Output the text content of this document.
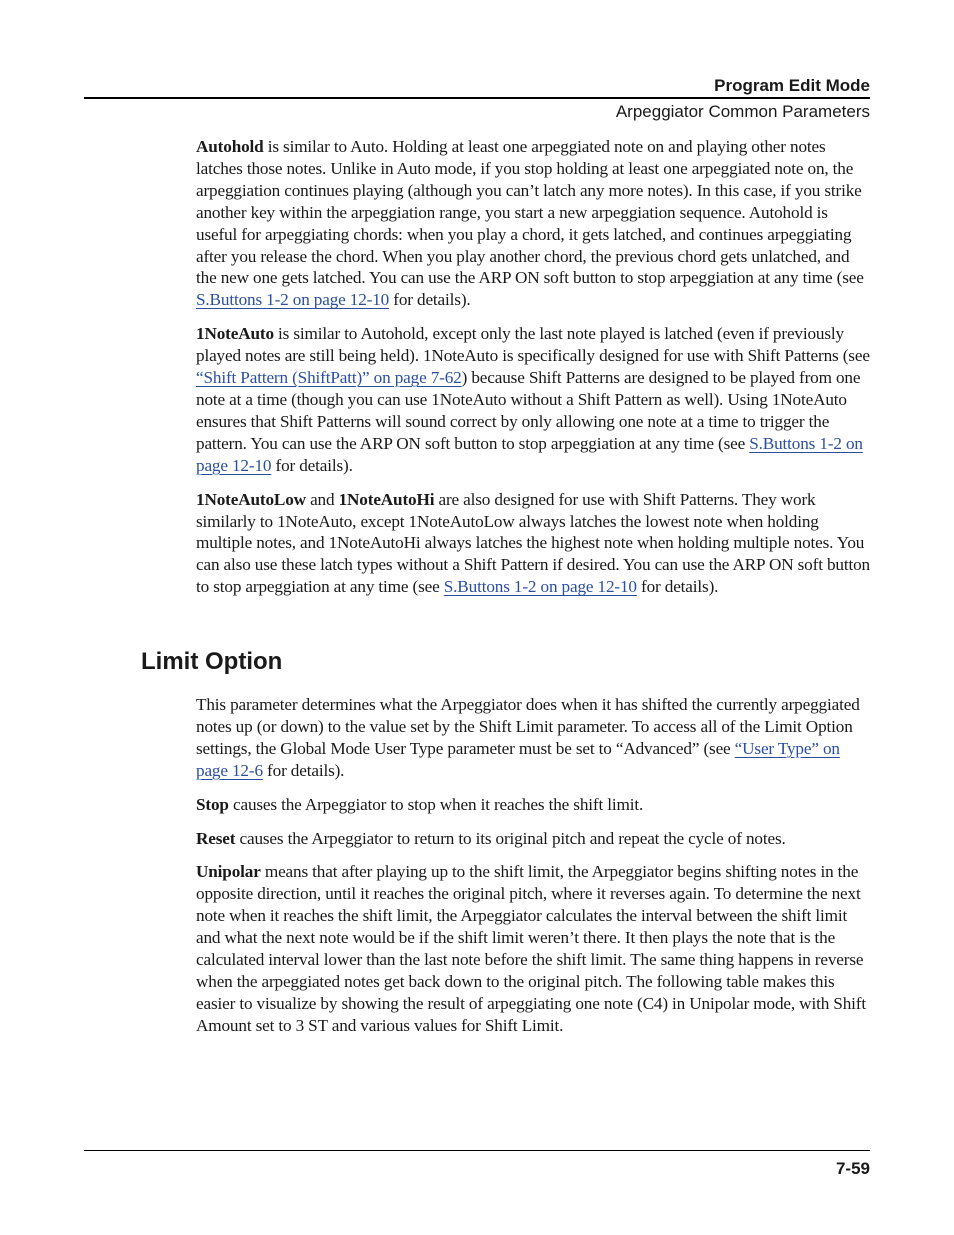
Program Edit Mode
Arpeggiator Common Parameters

Autohold is similar to Auto. Holding at least one arpeggiated note on and playing other notes latches those notes. Unlike in Auto mode, if you stop holding at least one arpeggiated note on, the arpeggiation continues playing (although you can’t latch any more notes). In this case, if you strike another key within the arpeggiation range, you start a new arpeggiation sequence. Autohold is useful for arpeggiating chords: when you play a chord, it gets latched, and continues arpeggiating after you release the chord. When you play another chord, the previous chord gets unlatched, and the new one gets latched. You can use the ARP ON soft button to stop arpeggiation at any time (see S.Buttons 1-2 on page 12-10 for details).

1NoteAuto is similar to Autohold, except only the last note played is latched (even if previously played notes are still being held). 1NoteAuto is specifically designed for use with Shift Patterns (see “Shift Pattern (ShiftPatt)” on page 7-62) because Shift Patterns are designed to be played from one note at a time (though you can use 1NoteAuto without a Shift Pattern as well). Using 1NoteAuto ensures that Shift Patterns will sound correct by only allowing one note at a time to trigger the pattern. You can use the ARP ON soft button to stop arpeggiation at any time (see S.Buttons 1-2 on page 12-10 for details).

1NoteAutoLow and 1NoteAutoHi are also designed for use with Shift Patterns. They work similarly to 1NoteAuto, except 1NoteAutoLow always latches the lowest note when holding multiple notes, and 1NoteAutoHi always latches the highest note when holding multiple notes. You can also use these latch types without a Shift Pattern if desired. You can use the ARP ON soft button to stop arpeggiation at any time (see S.Buttons 1-2 on page 12-10 for details).

Limit Option

This parameter determines what the Arpeggiator does when it has shifted the currently arpeggiated notes up (or down) to the value set by the Shift Limit parameter. To access all of the Limit Option settings, the Global Mode User Type parameter must be set to “Advanced” (see “User Type” on page 12-6 for details).

Stop causes the Arpeggiator to stop when it reaches the shift limit.

Reset causes the Arpeggiator to return to its original pitch and repeat the cycle of notes.

Unipolar means that after playing up to the shift limit, the Arpeggiator begins shifting notes in the opposite direction, until it reaches the original pitch, where it reverses again. To determine the next note when it reaches the shift limit, the Arpeggiator calculates the interval between the shift limit and what the next note would be if the shift limit weren’t there. It then plays the note that is the calculated interval lower than the last note before the shift limit. The same thing happens in reverse when the arpeggiated notes get back down to the original pitch. The following table makes this easier to visualize by showing the result of arpeggiating one note (C4) in Unipolar mode, with Shift Amount set to 3 ST and various values for Shift Limit.

7-59
